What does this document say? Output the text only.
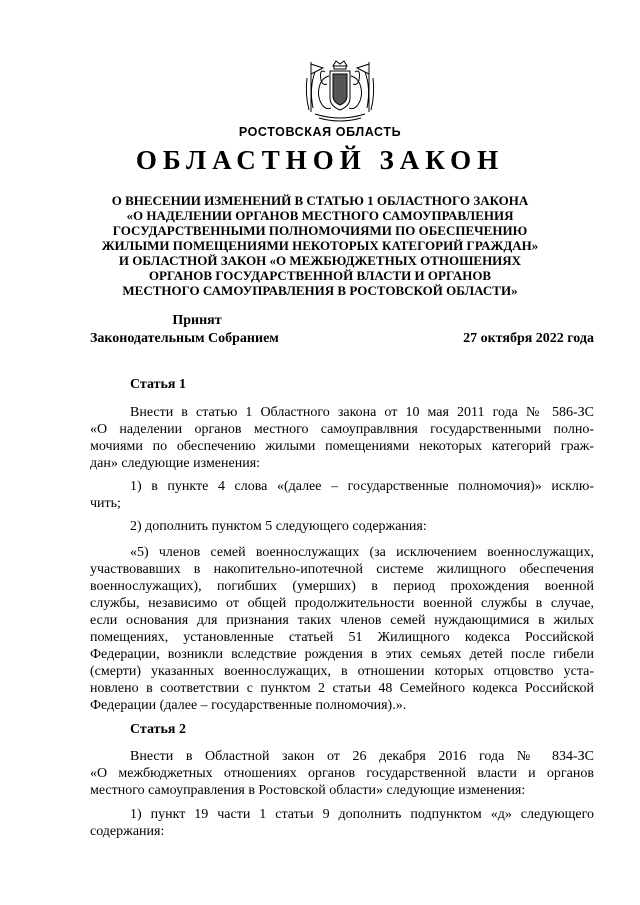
РОСТОВСКАЯ ОБЛАСТЬ
ОБЛАСТНОЙ ЗАКОН
О ВНЕСЕНИИ ИЗМЕНЕНИЙ В СТАТЬЮ 1 ОБЛАСТНОГО ЗАКОНА
«О НАДЕЛЕНИИ ОРГАНОВ МЕСТНОГО САМОУПРАВЛЕНИЯ
ГОСУДАРСТВЕННЫМИ ПОЛНОМОЧИЯМИ ПО ОБЕСПЕЧЕНИЮ
ЖИЛЫМИ ПОМЕЩЕНИЯМИ НЕКОТОРЫХ КАТЕГОРИЙ ГРАЖДАН»
И ОБЛАСТНОЙ ЗАКОН «О МЕЖБЮДЖЕТНЫХ ОТНОШЕНИЯХ
ОРГАНОВ ГОСУДАРСТВЕННОЙ ВЛАСТИ И ОРГАНОВ
МЕСТНОГО САМОУПРАВЛЕНИЯ В РОСТОВСКОЙ ОБЛАСТИ»
Принят
Законодательным Собранием	27 октября 2022 года
Статья 1
Внести в статью 1 Областного закона от 10 мая 2011 года № 586-ЗС
«О наделении органов местного самоуправлвния государственными полно-
мочиями по обеспечению жилыми помещениями некоторых категорий граж-
дан» следующие изменения:
1) в пункте 4 слова «(далее – государственные полномочия)» исклю-
чить;
2) дополнить пунктом 5 следующего содержания:
«5) членов семей военнослужащих (за исключением военнослужащих,
участвовавших в накопительно-ипотечной системе жилищного обеспечения
военнослужащих), погибших (умерших) в период прохождения военной
службы, независимо от общей продолжительности военной службы в случае,
если основания для признания таких членов семей нуждающимися в жилых
помещениях, установленные статьей 51 Жилищного кодекса Российской
Федерации, возникли вследствие рождения в этих семьях детей после гибели
(смерти) указанных военнослужащих, в отношении которых отцовство уста-
новлено в соответствии с пунктом 2 статьи 48 Семейного кодекса Российской
Федерации (далее – государственные полномочия).».
Статья 2
Внести в Областной закон от 26 декабря 2016 года № 834-ЗС
«О межбюджетных отношениях органов государственной власти и органов
местного самоуправления в Ростовской области» следующие изменения:
1) пункт 19 части 1 статьи 9 дополнить подпунктом «д» следующего
содержания:
